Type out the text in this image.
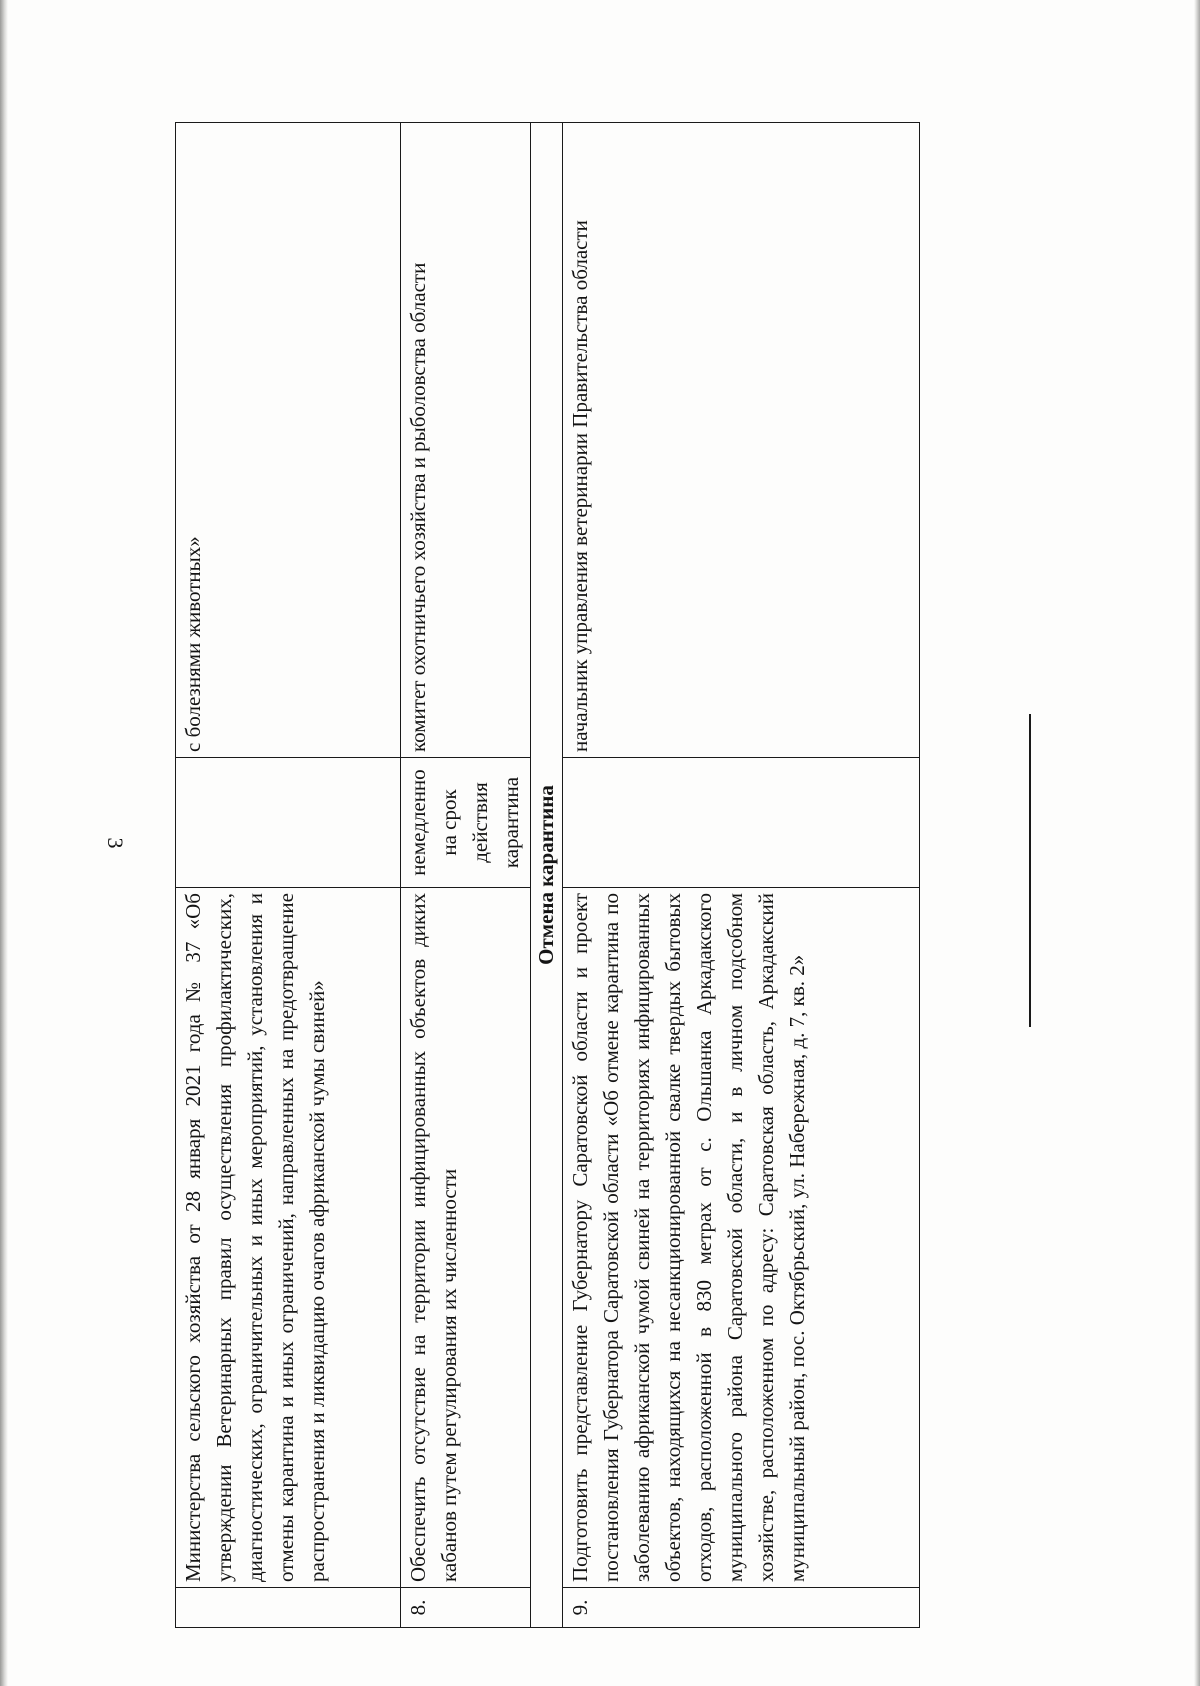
3
	Министерства сельского хозяйства от 28 января 2021 года № 37 «Об утверждении Ветеринарных правил осуществления профилактических, диагностических, ограничительных и иных мероприятий, установления и отмены карантина и иных ограничений, направленных на предотвращение распространения и ликвидацию очагов африканской чумы свиней»		с болезнями животных»
8.	Обеспечить отсутствие на территории инфицированных объектов диких кабанов путем регулирования их численности	немедленно на срок действия карантина	комитет охотничьего хозяйства и рыболовства области
Отмена карантина			
9.	Подготовить представление Губернатору Саратовской области и проект постановления Губернатора Саратовской области «Об отмене карантина по заболеванию африканской чумой свиней на территориях инфицированных объектов, находящихся на несанкционированной свалке твердых бытовых отходов, расположенной в 830 метрах от с. Ольшанка Аркадакского муниципального района Саратовской области, и в личном подсобном хозяйстве, расположенном по адресу: Саратовская область, Аркадакский муниципальный район, пос. Октябрьский, ул. Набережная, д. 7, кв. 2»		начальник управления ветеринарии Правительства области
